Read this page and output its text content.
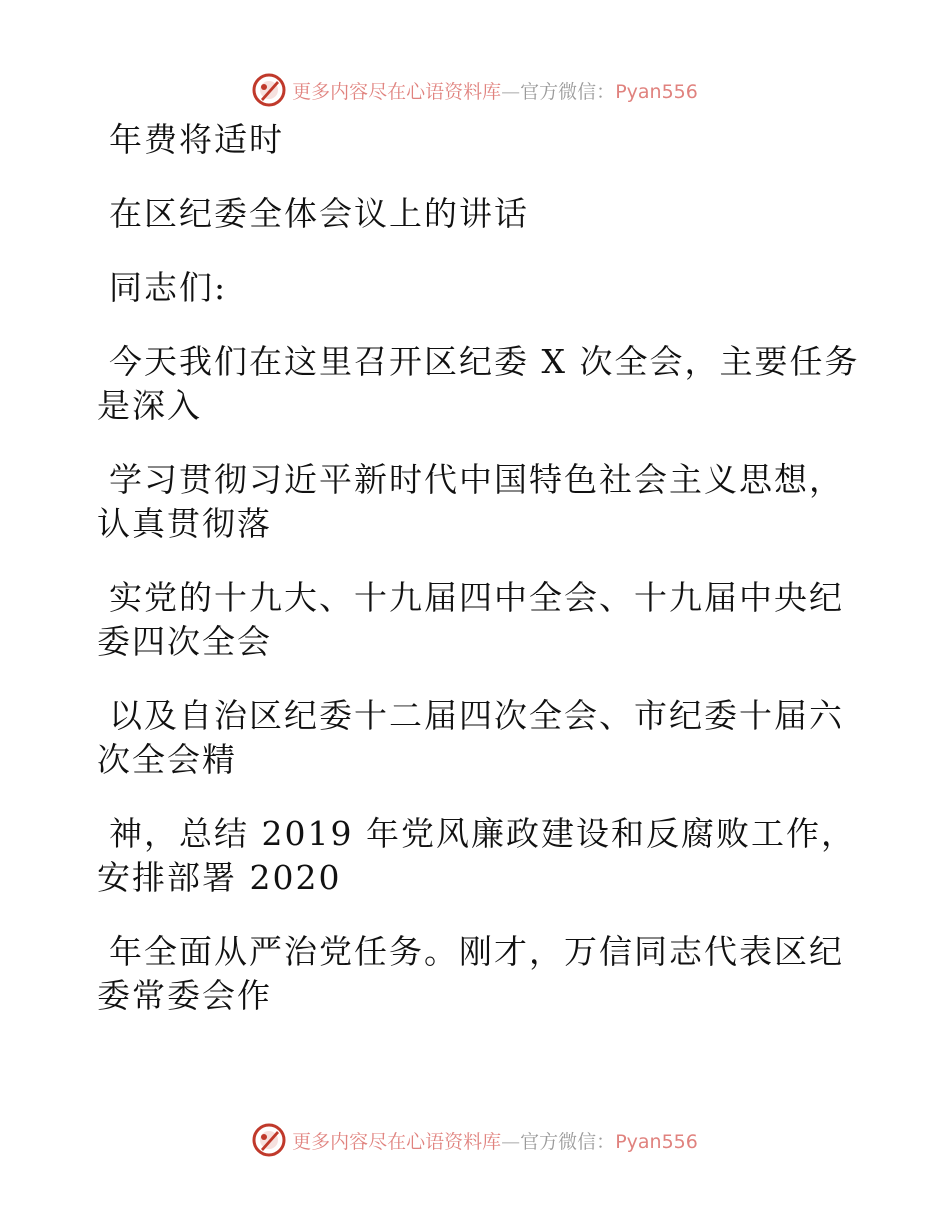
更多内容尽在心语资料库—官方微信：Pyan556

年费将适时

在区纪委全体会议上的讲话

同志们:

今天我们在这里召开区纪委 X 次全会，主要任务
是深入

学习贯彻习近平新时代中国特色社会主义思想，
认真贯彻落

实党的十九大、十九届四中全会、十九届中央纪
委四次全会

以及自治区纪委十二届四次全会、市纪委十届六
次全会精

神，总结 2019 年党风廉政建设和反腐败工作，
安排部署 2020

年全面从严治党任务。刚才，万信同志代表区纪
委常委会作

更多内容尽在心语资料库—官方微信：Pyan556
